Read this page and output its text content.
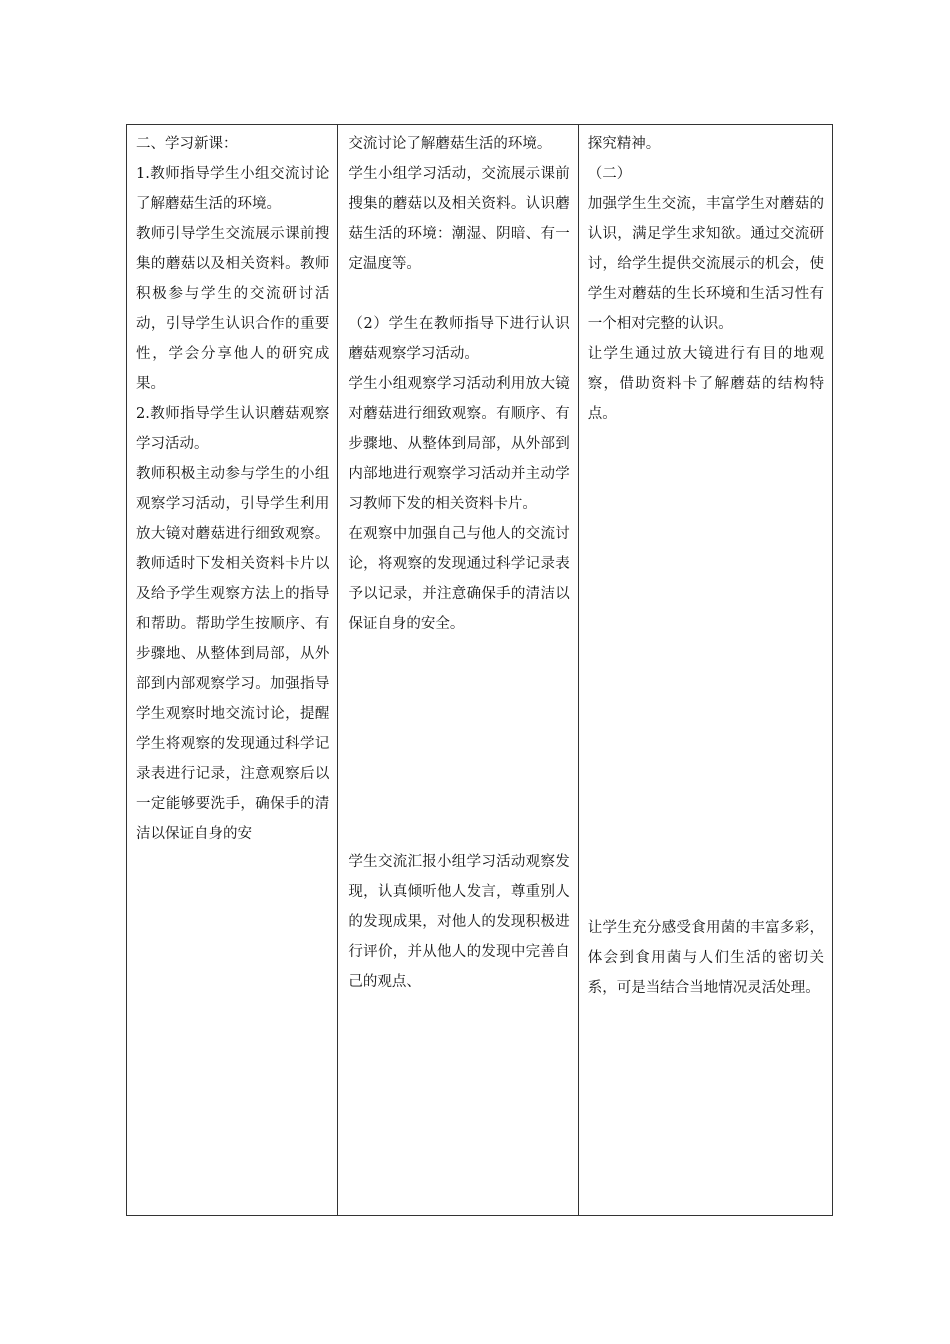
二、学习新课：

1.教师指导学生小组交流讨论了解蘑菇生活的环境。

教师引导学生交流展示课前搜集的蘑菇以及相关资料。教师积极参与学生的交流研讨活动，引导学生认识合作的重要性，学会分享他人的研究成果。

2.教师指导学生认识蘑菇观察学习活动。

教师积极主动参与学生的小组观察学习活动，引导学生利用放大镜对蘑菇进行细致观察。教师适时下发相关资料卡片以及给予学生观察方法上的指导和帮助。帮助学生按顺序、有步骤地、从整体到局部，从外部到内部观察学习。加强指导学生观察时地交流讨论，提醒学生将观察的发现通过科学记录表进行记录，注意观察后以一定能够要洗手，确保手的清洁以保证自身的安

交流讨论了解蘑菇生活的环境。

学生小组学习活动，交流展示课前搜集的蘑菇以及相关资料。认识蘑菇生活的环境：潮湿、阴暗、有一定温度等。

（2）学生在教师指导下进行认识蘑菇观察学习活动。

学生小组观察学习活动利用放大镜对蘑菇进行细致观察。有顺序、有步骤地、从整体到局部，从外部到内部地进行观察学习活动并主动学习教师下发的相关资料卡片。

在观察中加强自己与他人的交流讨论，将观察的发现通过科学记录表予以记录，并注意确保手的清洁以保证自身的安全。

学生交流汇报小组学习活动观察发现，认真倾听他人发言，尊重别人的发现成果，对他人的发现积极进行评价，并从他人的发现中完善自己的观点、

探究精神。

（二）

加强学生生交流，丰富学生对蘑菇的认识，满足学生求知欲。通过交流研讨，给学生提供交流展示的机会，使学生对蘑菇的生长环境和生活习性有一个相对完整的认识。

让学生通过放大镜进行有目的地观察，借助资料卡了解蘑菇的结构特点。

让学生充分感受食用菌的丰富多彩，体会到食用菌与人们生活的密切关系，可是当结合当地情况灵活处理。
